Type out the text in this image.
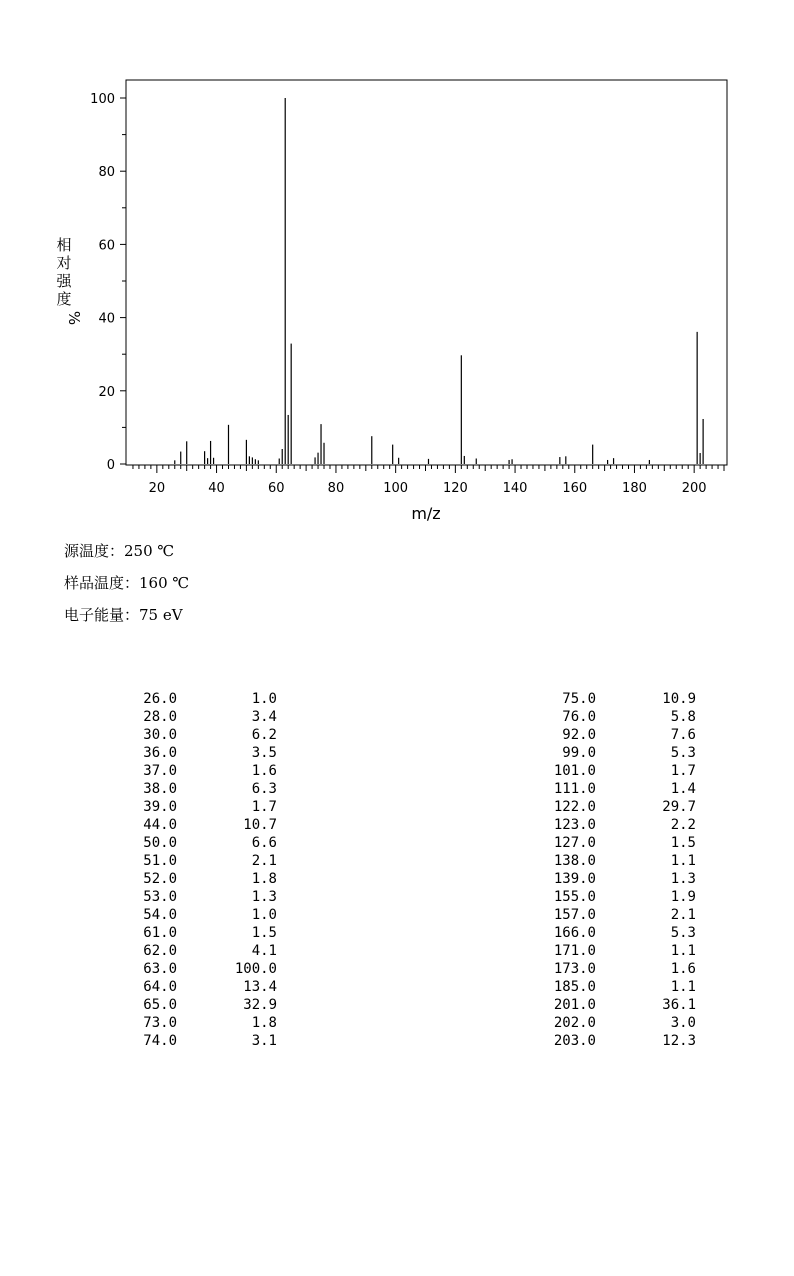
0
20
40
60
80
100
20	40	60	80	100	120	140	160	180	200
m/z
相
对
强
度
%
源温度：250 ℃
样品温度：160 ℃
电子能量：75 eV
26.0	1.0
28.0	3.4
30.0	6.2
36.0	3.5
37.0	1.6
38.0	6.3
39.0	1.7
44.0	10.7
50.0	6.6
51.0	2.1
52.0	1.8
53.0	1.3
54.0	1.0
61.0	1.5
62.0	4.1
63.0	100.0
64.0	13.4
65.0	32.9
73.0	1.8
74.0	3.1
75.0	10.9
76.0	5.8
92.0	7.6
99.0	5.3
101.0	1.7
111.0	1.4
122.0	29.7
123.0	2.2
127.0	1.5
138.0	1.1
139.0	1.3
155.0	1.9
157.0	2.1
166.0	5.3
171.0	1.1
173.0	1.6
185.0	1.1
201.0	36.1
202.0	3.0
203.0	12.3
